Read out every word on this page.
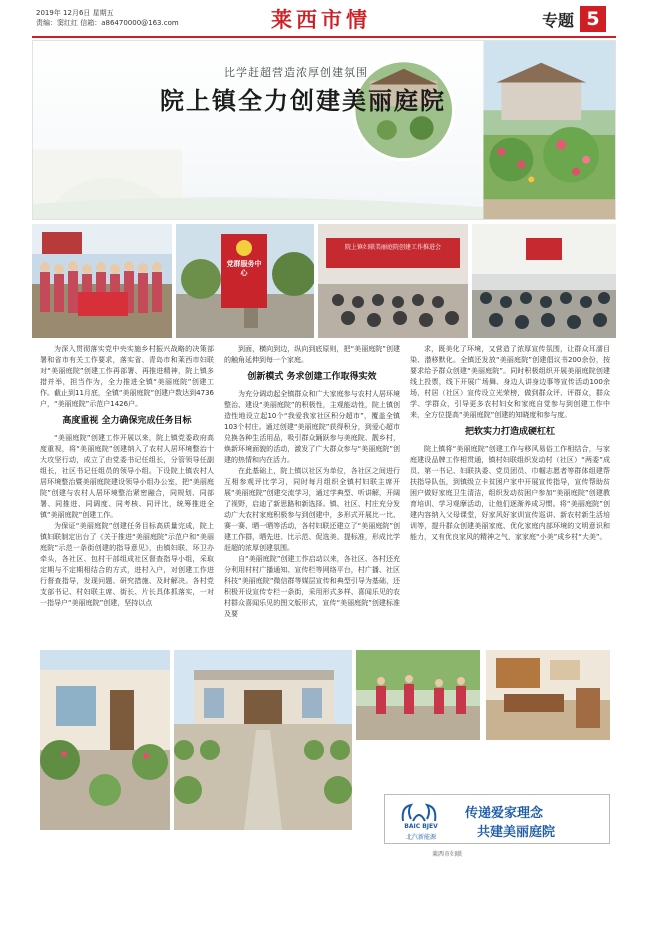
2019年 12月6日 星期五
责编：窦红红 信箱：a86470000@163.com	莱西市情	专题 5
比学赶超营造浓厚创建氛围
院上镇全力创建美丽庭院
党群服务中心
院上镇妇联美丽庭院创建工作推进会

为深入贯彻落实党中央实施乡村振兴战略的决策部署和省市有关工作要求，落实省、青岛市和莱西市妇联对“美丽庭院”创建工作再部署、再推进精神，院上镇多措并举，担当作为，全力推进全镇“美丽庭院”创建工作。截止到11月底，全镇“美丽庭院”创建户数达到4736户，“美丽庭院”示范户1426户。

高度重视 全力确保完成任务目标

“美丽庭院”创建工作开展以来，院上镇党委政府高度重视，将“美丽庭院”创建纳入了农村人居环境整治十大攻坚行动，成立了由党委书记任组长，分管领导任副组长，社区书记任组员的领导小组。下设院上镇农村人居环境整治暨美丽庭院建设领导小组办公室，把“美丽庭院”创建与农村人居环境整治紧密融合，同规划、同部署、同推进、同调度、同考核、同评比，统筹推进全镇“美丽庭院”创建工作。

为保证“美丽庭院”创建任务目标高质量完成，院上镇妇联制定出台了《关于推进“美丽庭院”示范户和“美丽庭院”示范一条街创建的指导意见》，由镇妇联、环卫办牵头，各社区、包村干部组成社区督查指导小组，采取定期与不定期相结合的方式，进村入户，对创建工作进行督查指导，发现问题、研究措施、及时解决。各村党支部书记、村妇联主席、街长、片长具体抓落实，一对一指导户“美丽庭院”创建，坚持以点

到面，横向到边，纵向到底原则，把“美丽庭院”创建的触角延伸到每一个家庭。

创新模式 务求创建工作取得实效

为充分调动起全镇群众和广大家庭参与农村人居环境整治、建设“美丽庭院”的积极性，主观能动性，院上镇创造性地设立起10个“我爱我家社区积分超市”，覆盖全镇103个村庄。通过创建“美丽庭院”获得积分，到爱心超市兑换各种生活用品，吸引群众踊跃参与美庭院、靓乡村，焕新环境面貌的活动，激发了广大群众参与“美丽庭院”创建的热情和内在活力。

在此基础上，院上镇以社区为单位，各社区之间进行互相参观评比学习，同时每月组织全镇村妇联主席开展“美丽庭院”创建交流学习，通过学典型、听讲解，开阔了视野，启迪了新思路和新选择。镇、社区、村庄充分发动广大农村家庭积极参与到创建中，多形式开展比一比、赛一赛、晒一晒等活动，各村妇联还建立了“美丽庭院”创建工作群，晒先进、比示范、促选美、提标准，形成比学赶超的浓厚创建氛围。

自“美丽庭院”创建工作启动以来，各社区、各村还充分利用村村广播通知、宣传栏等网络平台，村广播、社区科技“美丽庭院”微信群等媒层宣传和典型引导为基础，还积极开设宣传专栏一条街，采用形式多样、喜闻乐见的农村群众喜闻乐见的图文版形式，宣传“美丽庭院”创建标准及要

求，既美化了环境，又营造了浓厚宣传氛围，让群众耳濡目染、潜移默化。全镇还发放“美丽庭院”创建倡议书200余份，按要求给予群众创建“美丽庭院”。同时积极组织开展美丽庭院创建线上投票，线下开展广场舞、身边人讲身边事等宣传活动100余场，村居（社区）宣传设立光荣榜，做到群众评、评群众，群众学、学群众，引导更多农村妇女和家庭自觉参与到创建工作中来，全方位提高“美丽庭院”创建的知晓度和参与度。

把软实力打造成硬杠杠

院上镇将“美丽庭院”创建工作与移风易俗工作相结合，与家庭建设品牌工作相贯通，镇村妇联组织发动村（社区）“两委”成员、第一书记、妇联执委、党员团员、巾帼志愿者等群体组建帮扶指导队伍，到镇级立卡贫困户家中开展宣传指导，宣传帮助贫困户做好家庭卫生清洁，组织发动贫困户参加“美丽庭院”创建教育培训、学习观摩活动，让他们逐渐养成习惯。将“美丽庭院”创建内容纳入父母课堂，好家风好家训宣传巡讲、新农村新生活培训等，提升群众创建美丽家庭、优化家庭内部环境的文明意识和能力，又有优良家风的精神之气，家家庭“小美”成乡村“大美”。

BAIC BJEV
北汽新能源
传递爱家理念
共建美丽庭院
莱西市妇联
